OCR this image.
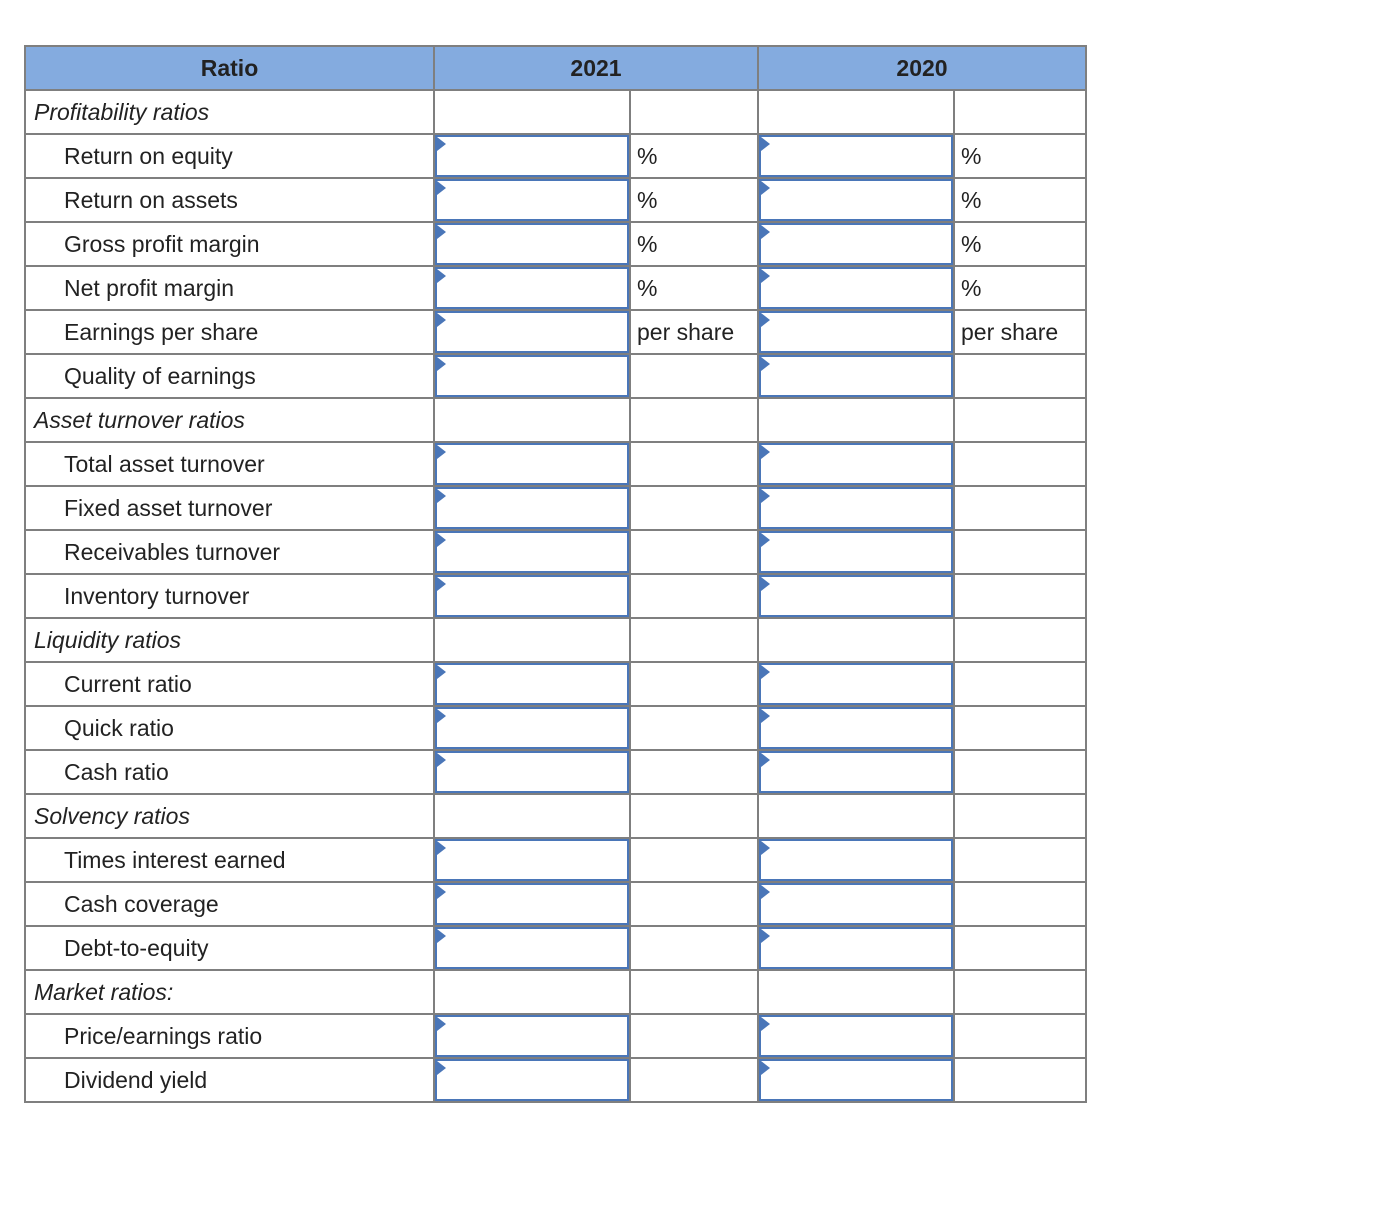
Ratio	2021		2020	
Profitability ratios				
Return on equity		%		%
Return on assets		%		%
Gross profit margin		%		%
Net profit margin		%		%
Earnings per share		per share		per share
Quality of earnings	

Asset turnover ratios				
Total asset turnover	

Fixed asset turnover	

Receivables turnover	

Inventory turnover	

Liquidity ratios				
Current ratio	

Quick ratio	

Cash ratio	

Solvency ratios				
Times interest earned	

Cash coverage	

Debt-to-equity	

Market ratios:				
Price/earnings ratio	

Dividend yield	
